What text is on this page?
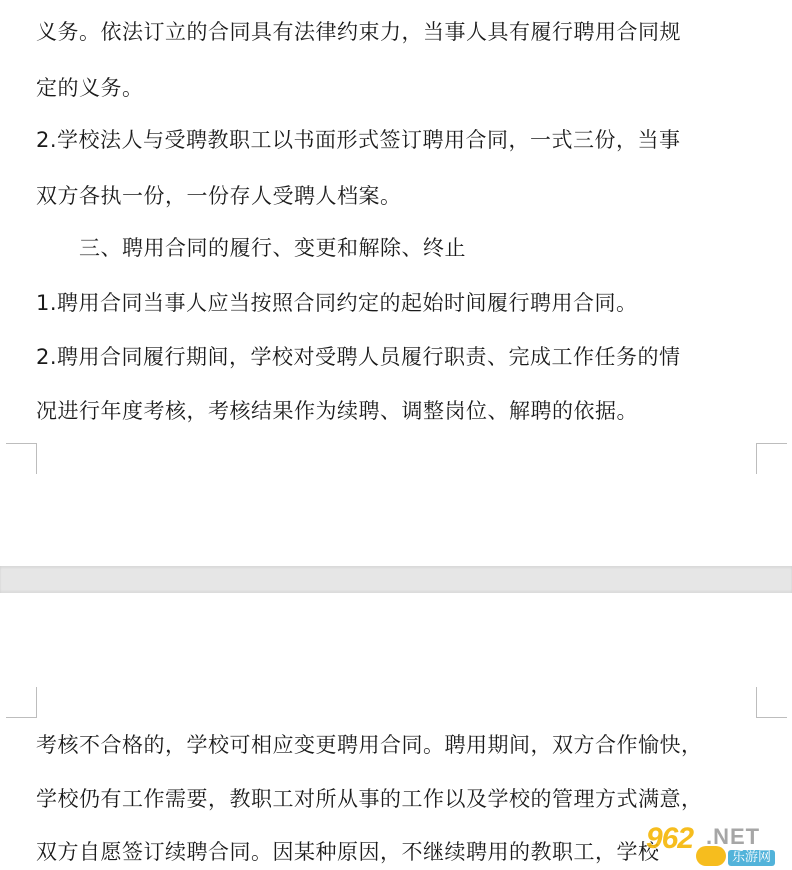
义务。依法订立的合同具有法律约束力，当事人具有履行聘用合同规
定的义务。
2.学校法人与受聘教职工以书面形式签订聘用合同，一式三份，当事
双方各执一份，一份存人受聘人档案。
　　三、聘用合同的履行、变更和解除、终止
1.聘用合同当事人应当按照合同约定的起始时间履行聘用合同。
2.聘用合同履行期间，学校对受聘人员履行职责、完成工作任务的情
况进行年度考核，考核结果作为续聘、调整岗位、解聘的依据。
考核不合格的，学校可相应变更聘用合同。聘用期间，双方合作愉快，
学校仍有工作需要，教职工对所从事的工作以及学校的管理方式满意，
双方自愿签订续聘合同。因某种原因，不继续聘用的教职工，学校
962 .NET
乐游网
